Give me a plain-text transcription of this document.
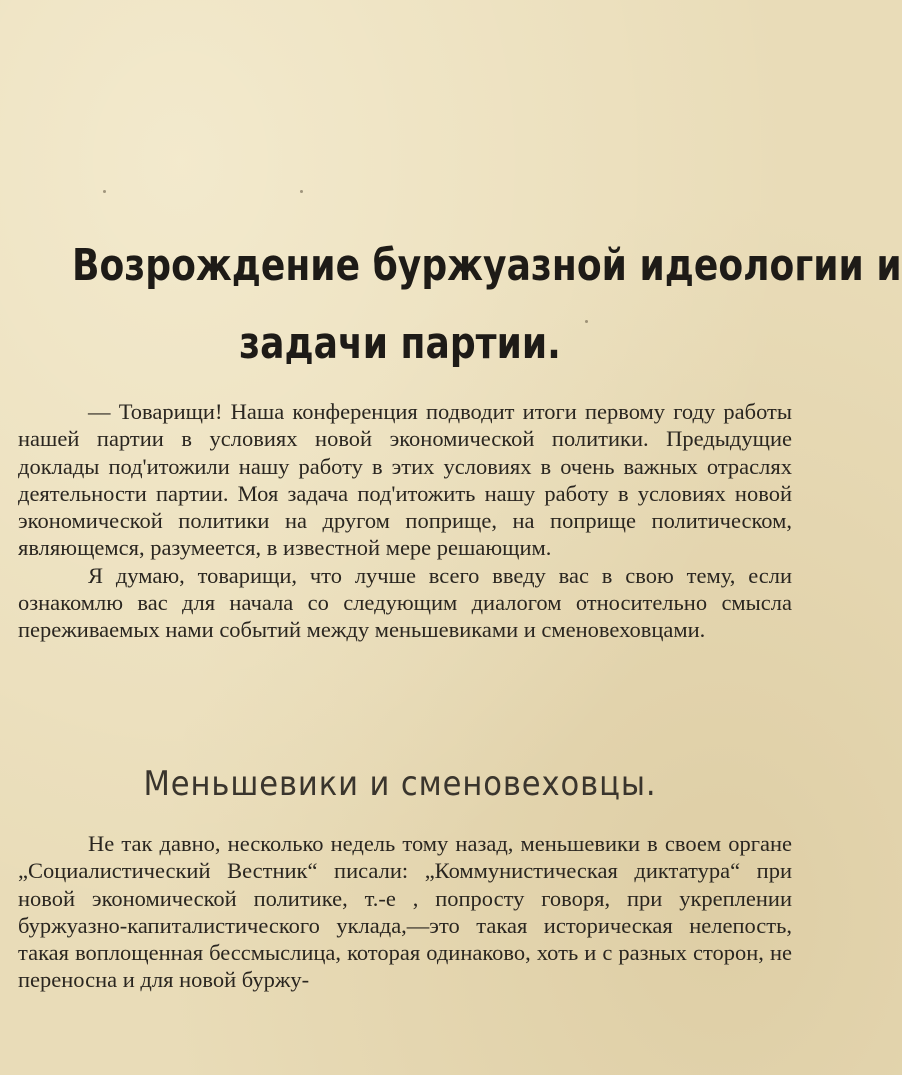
Возрождение буржуазной идеологии и
задачи партии.

— Товарищи! Наша конференция подводит итоги первому году работы нашей партии в условиях новой экономической политики. Предыдущие доклады под'итожили нашу работу в этих условиях в очень важных отраслях деятельности партии. Моя задача под'итожить нашу работу в условиях новой экономической политики на другом поприще, на поприще политическом, являющемся, разумеется, в известной мере решающим.

Я думаю, товарищи, что лучше всего введу вас в свою тему, если ознакомлю вас для начала со следующим диалогом относительно смысла переживаемых нами событий между меньшевиками и сменовеховцами.

Меньшевики и сменовеховцы.

Не так давно, несколько недель тому назад, меньшевики в своем органе „Социалистический Вестник“ писали: „Коммунистическая диктатура“ при новой экономической политике, т.-е , попросту говоря, при укреплении буржуазно-капиталистического уклада,—это такая историческая нелепость, такая воплощенная бессмыслица, которая одинаково, хоть и с разных сторон, не переносна и для новой буржу-
